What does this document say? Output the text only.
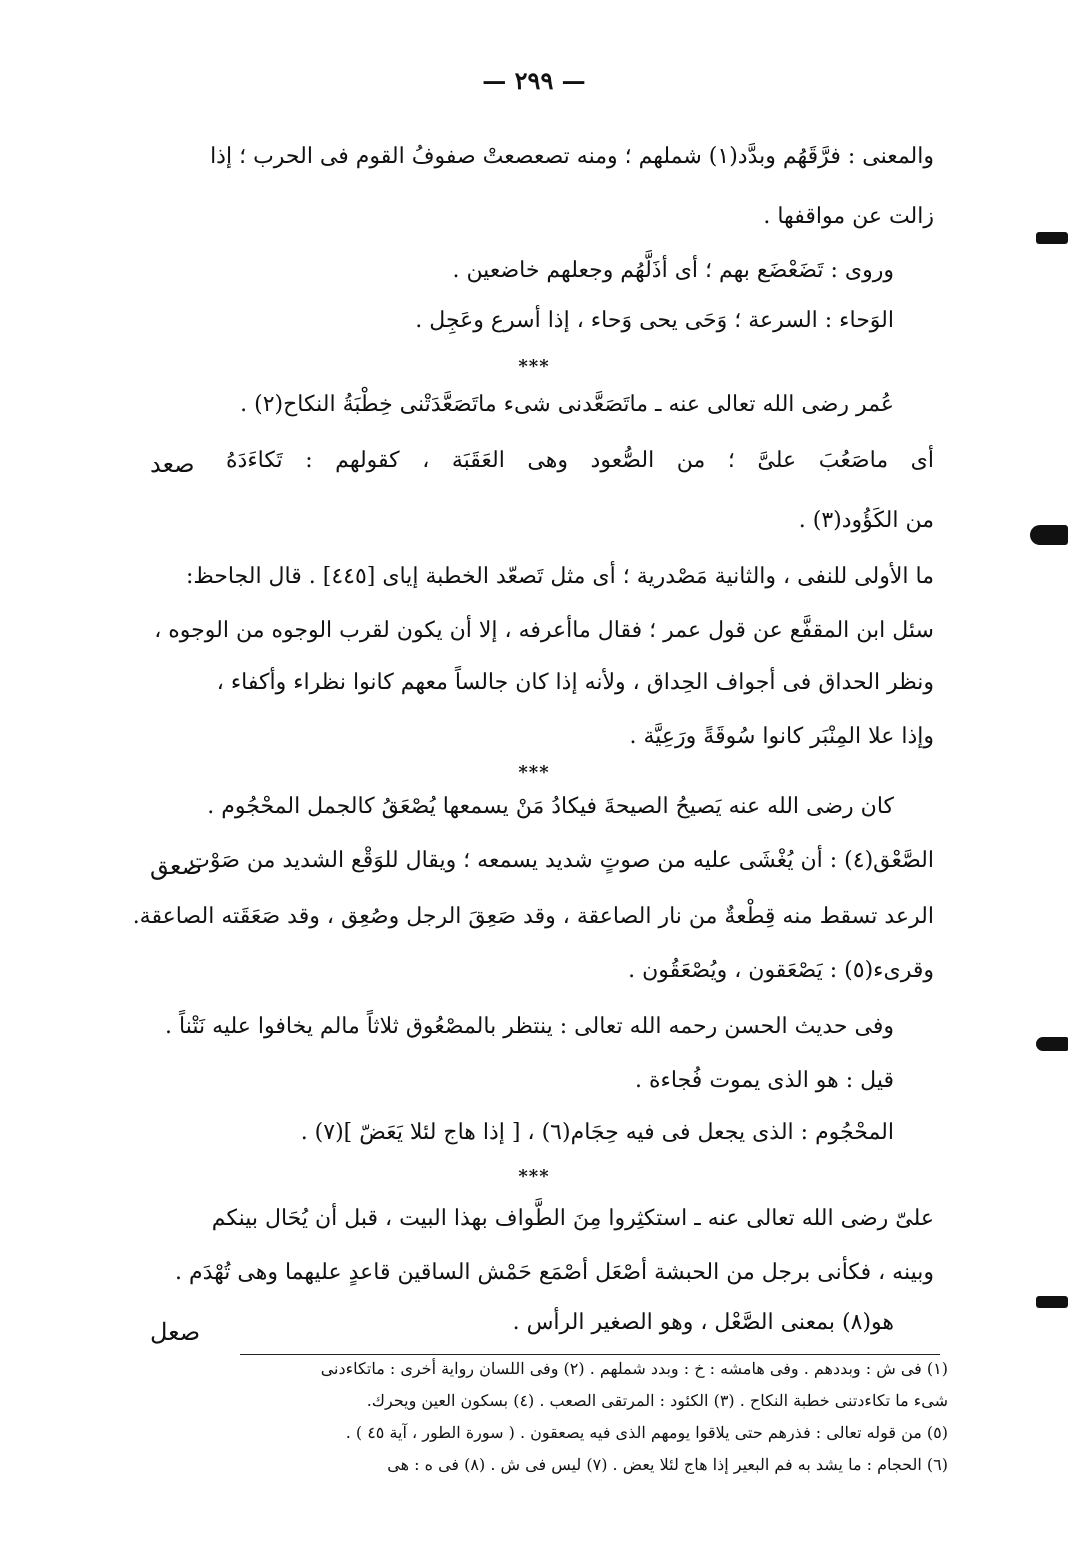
— ٢٩٩ —
والمعنى : فرَّقَهُم وبدَّد(١) شملهم ؛ ومنه تصعصعتْ صفوفُ القوم فى الحرب ؛ إذا
زالت عن مواقفها .
وروى : تَضَعْضَع بهم ؛ أى أذَلَّهُم وجعلهم خاضعين .
الوَحاء : السرعة ؛ وَحَى يحى وَحاء ، إذا أسرع وعَجِل .
عُمر رضى الله تعالى عنه ـ ماتَصَعَّدنى شىء ماتَصَعَّدَتْنى خِطْبَةُ النكاح(٢) .
أى ماصَعُبَ علىَّ ؛ من الصُّعود وهى العَقَبَة ، كقولهم : تَكاءَدَهُ
من الكَؤُود(٣) .
ما الأولى للنفى ، والثانية مَصْدرية ؛ أى مثل تَصعّد الخطبة إياى [٤٤٥] . قال الجاحظ:
سئل ابن المقفَّع عن قول عمر ؛ فقال ماأعرفه ، إلا أن يكون لقرب الوجوه من الوجوه ،
ونظر الحداق فى أجواف الحِداق ، ولأنه إذا كان جالساً معهم كانوا نظراء وأكفاء ،
وإذا علا المِنْبَر كانوا سُوقَةً ورَعِيَّة .
كان رضى الله عنه يَصيحُ الصيحةَ فيكادُ مَنْ يسمعها يُصْعَقُ كالجمل المحْجُوم .
الصَّعْق(٤) : أن يُغْشَى عليه من صوتٍ شديد يسمعه ؛ ويقال للوَقْع الشديد من صَوْت
الرعد تسقط منه قِطْعةٌ من نار الصاعقة ، وقد صَعِقَ الرجل وصُعِق ، وقد صَعَقَته الصاعقة.
وقرىء(٥) : يَصْعَقون ، ويُصْعَقُون .
وفى حديث الحسن رحمه الله تعالى : ينتظر بالمصْعُوق ثلاثاً مالم يخافوا عليه نَتْناً .
قيل : هو الذى يموت فُجاءة .
المحْجُوم : الذى يجعل فى فيه حِجَام(٦) ، [ إذا هاج لئلا يَعَضّ ](٧) .
علىّ رضى الله تعالى عنه ـ استكثِروا مِنَ الطَّواف بهذا البيت ، قبل أن يُحَال بينكم
وبينه ، فكأنى برجل من الحبشة أصْعَل أصْمَع حَمْش الساقين قاعدٍ عليهما وهى تُهْدَم .
هو(٨) بمعنى الصَّعْل ، وهو الصغير الرأس .
***
***
***
صعد
صعق
صعل
(١) فى ش : وبددهم . وفى هامشه : خ : وبدد شملهم . (٢) وفى اللسان رواية أخرى : ماتكاءدنى
شىء ما تكاءدتنى خطبة النكاح . (٣) الكئود : المرتقى الصعب . (٤) بسكون العين ويحرك.
(٥) من قوله تعالى : فذرهم حتى يلاقوا يومهم الذى فيه يصعقون . ( سورة الطور ، آية ٤٥ ) .
(٦) الحجام : ما يشد به فم البعير إذا هاج لئلا يعض . (٧) ليس فى ش . (٨) فى ه : هى
